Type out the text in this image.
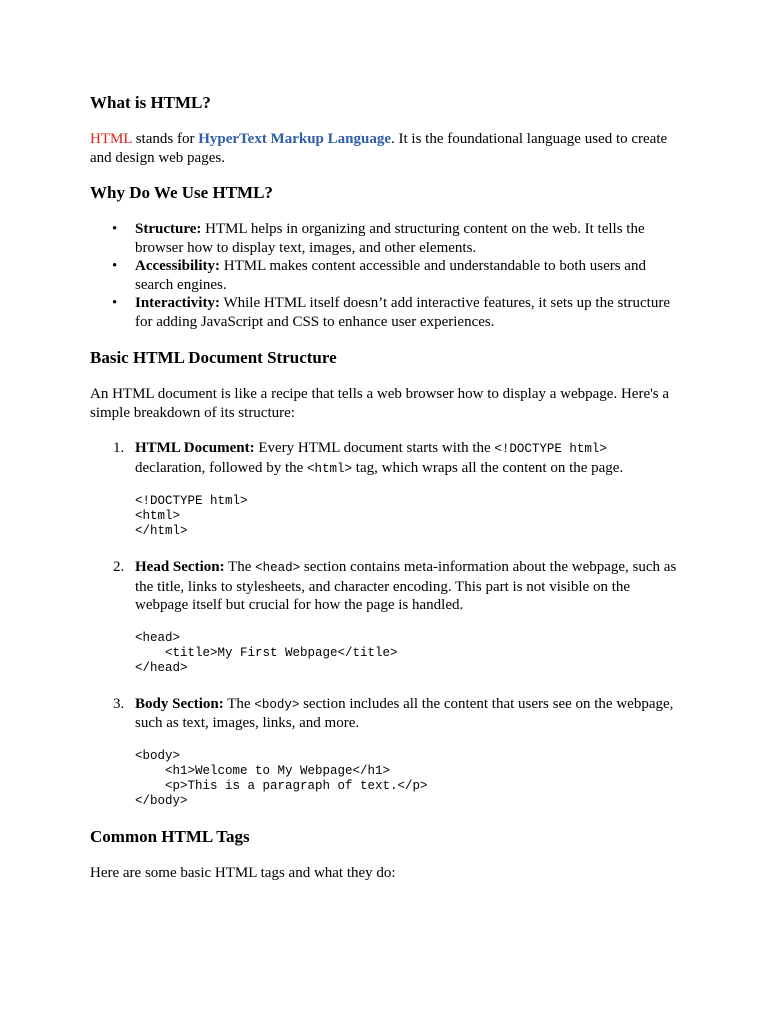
What is HTML?

HTML stands for HyperText Markup Language. It is the foundational language used to create and design web pages.

Why Do We Use HTML?
• Structure: HTML helps in organizing and structuring content on the web. It tells the browser how to display text, images, and other elements.
• Accessibility: HTML makes content accessible and understandable to both users and search engines.
• Interactivity: While HTML itself doesn’t add interactive features, it sets up the structure for adding JavaScript and CSS to enhance user experiences.
Basic HTML Document Structure

An HTML document is like a recipe that tells a web browser how to display a webpage. Here's a simple breakdown of its structure:

1. HTML Document: Every HTML document starts with the <!DOCTYPE html> declaration, followed by the <html> tag, which wraps all the content on the page.

<!DOCTYPE html>
<html>
</html>
2. Head Section: The <head> section contains meta-information about the webpage, such as the title, links to stylesheets, and character encoding. This part is not visible on the webpage itself but crucial for how the page is handled.

<head>
<title>My First Webpage</title>
</head>
3. Body Section: The <body> section includes all the content that users see on the webpage, such as text, images, links, and more.

<body>
<h1>Welcome to My Webpage</h1>
<p>This is a paragraph of text.</p>
</body>
Common HTML Tags

Here are some basic HTML tags and what they do:
